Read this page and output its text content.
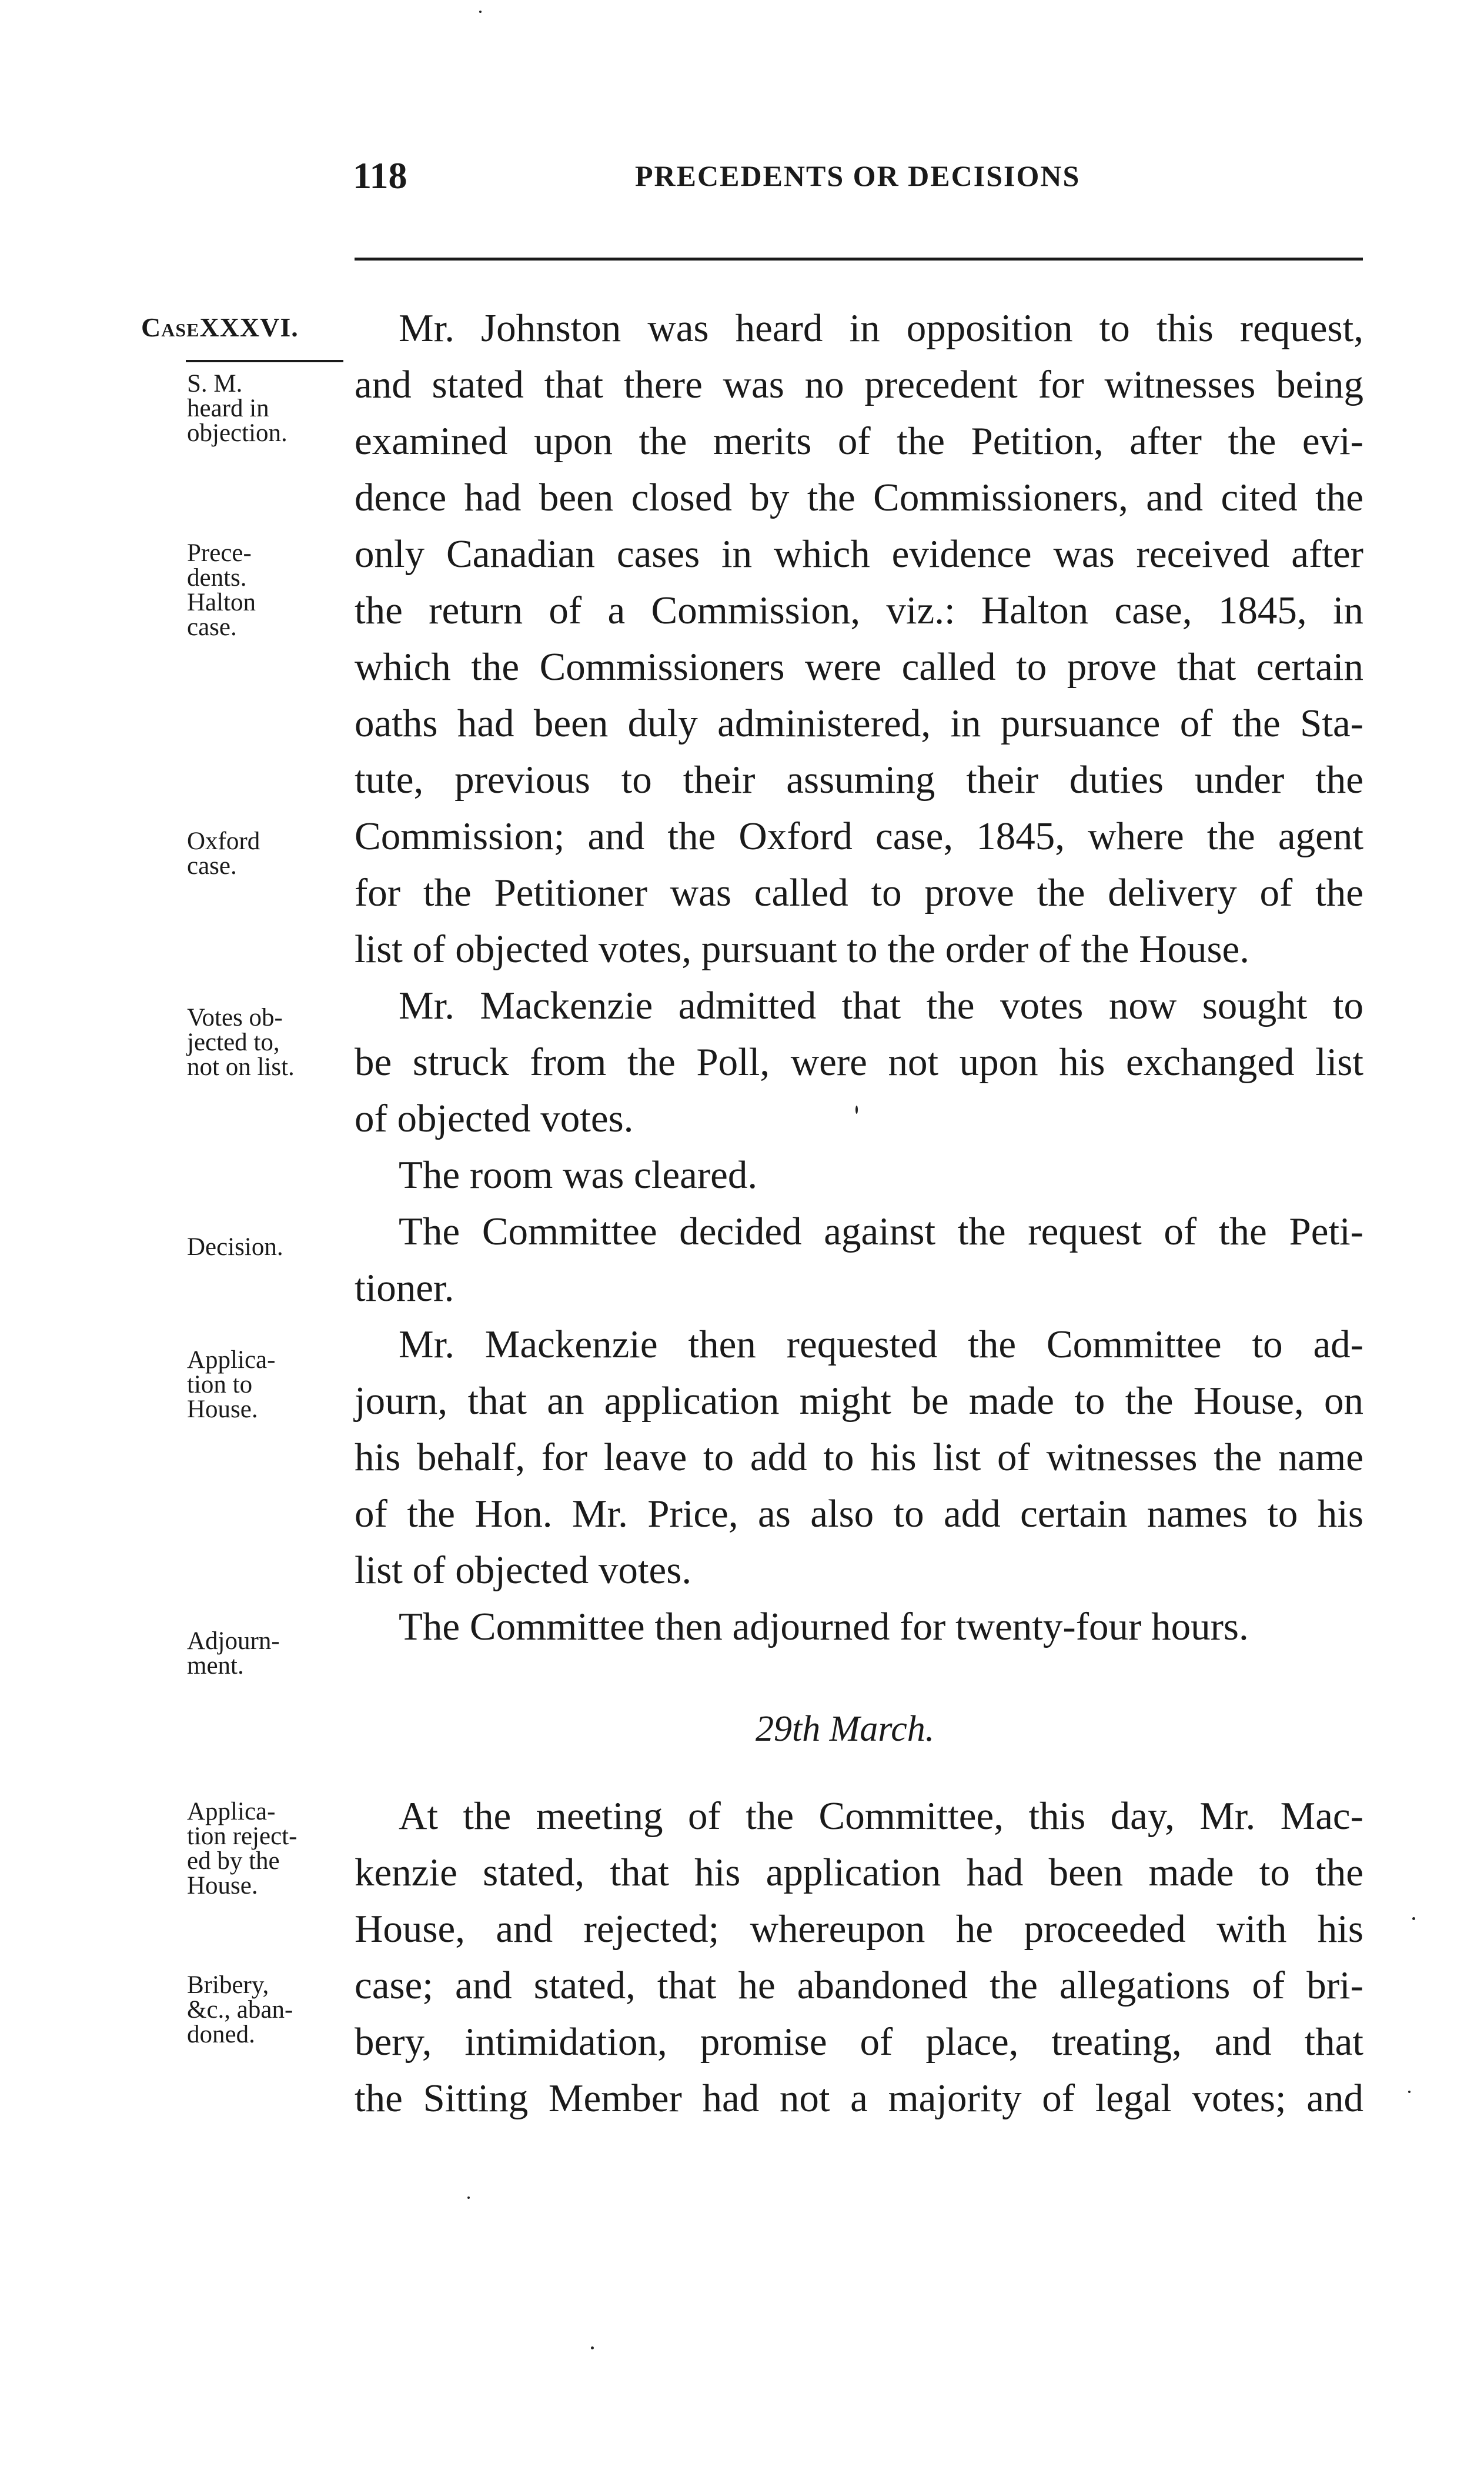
118	PRECEDENTS OR DECISIONS
CaseXXXVI.
S. M.
heard in
objection.
Prece-
dents.
Halton
case.
Oxford
case.
Votes ob-
jected to,
not on list.
Decision.
Applica-
tion to
House.
Adjourn-
ment.
Applica-
tion reject-
ed by the
House.
Bribery,
&c., aban-
doned.
Mr. Johnston was heard in opposition to this request,
and stated that there was no precedent for witnesses being
examined upon the merits of the Petition, after the evi-
dence had been closed by the Commissioners, and cited the
only Canadian cases in which evidence was received after
the return of a Commission, viz.: Halton case, 1845, in
which the Commissioners were called to prove that certain
oaths had been duly administered, in pursuance of the Sta-
tute, previous to their assuming their duties under the
Commission; and the Oxford case, 1845, where the agent
for the Petitioner was called to prove the delivery of the
list of objected votes, pursuant to the order of the House.
Mr. Mackenzie admitted that the votes now sought to
be struck from the Poll, were not upon his exchanged list
of objected votes.
The room was cleared.
The Committee decided against the request of the Peti-
tioner.
Mr. Mackenzie then requested the Committee to ad-
journ, that an application might be made to the House, on
his behalf, for leave to add to his list of witnesses the name
of the Hon. Mr. Price, as also to add certain names to his
list of objected votes.
The Committee then adjourned for twenty-four hours.
At the meeting of the Committee, this day, Mr. Mac-
kenzie stated, that his application had been made to the
House, and rejected; whereupon he proceeded with his
case; and stated, that he abandoned the allegations of bri-
bery, intimidation, promise of place, treating, and that
the Sitting Member had not a majority of legal votes; and
29th March.
